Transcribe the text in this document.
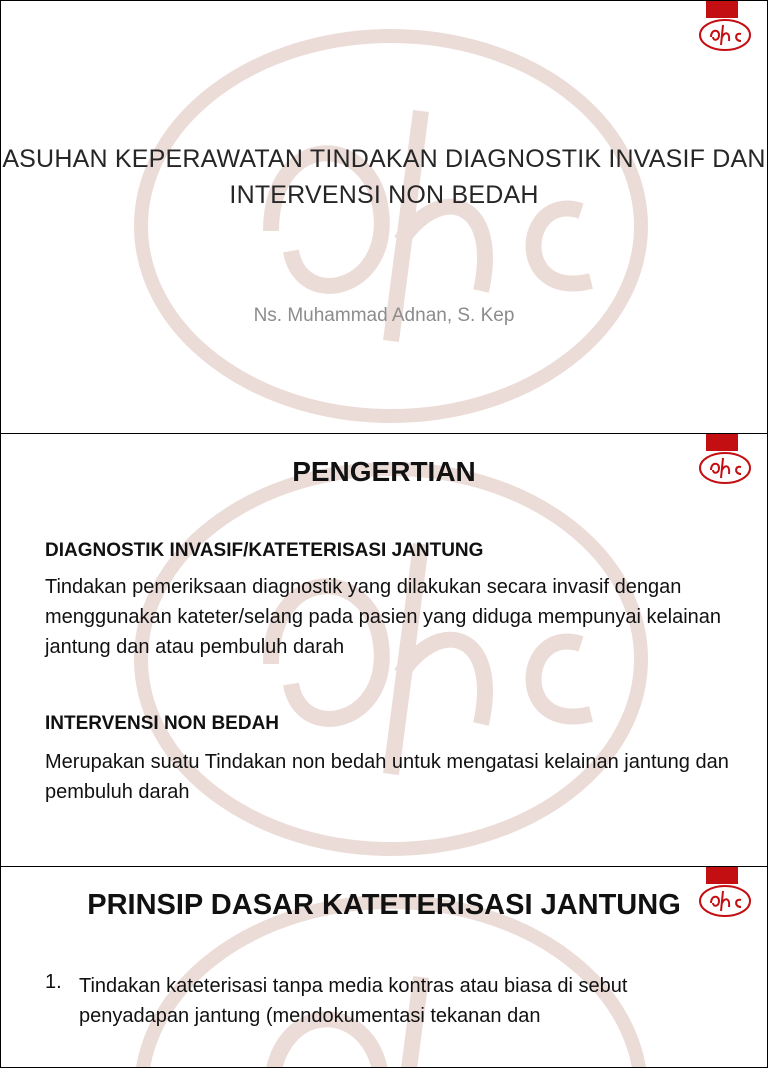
ASUHAN KEPERAWATAN TINDAKAN DIAGNOSTIK INVASIF DAN INTERVENSI NON BEDAH
Ns. Muhammad Adnan, S. Kep
PENGERTIAN
DIAGNOSTIK INVASIF/KATETERISASI JANTUNG
Tindakan pemeriksaan diagnostik yang dilakukan secara invasif dengan menggunakan kateter/selang pada pasien yang diduga mempunyai kelainan jantung dan atau pembuluh darah
INTERVENSI NON BEDAH
Merupakan suatu Tindakan non bedah untuk mengatasi kelainan jantung dan pembuluh darah
PRINSIP DASAR KATETERISASI JANTUNG
1. Tindakan kateterisasi tanpa media kontras atau biasa di sebut penyadapan jantung (mendokumentasi tekanan dan
